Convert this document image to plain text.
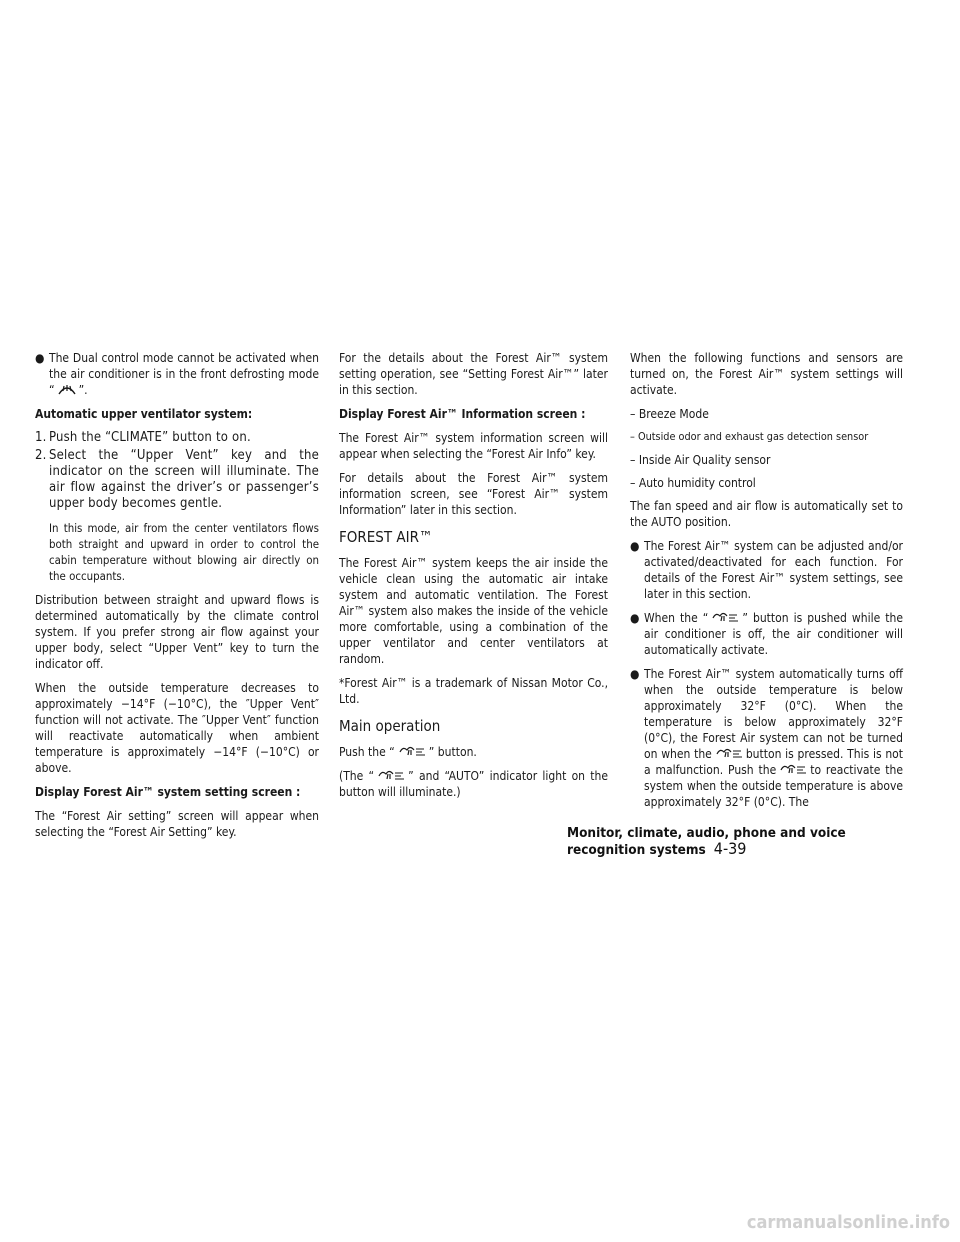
● The Dual control mode cannot be activated when the air conditioner is in the front defrosting mode “ ”.

Automatic upper ventilator system:

1. Push the “CLIMATE” button to on.
2. Select the “Upper Vent” key and the indicator on the screen will illuminate. The air flow against the driver’s or passenger’s upper body becomes gentle.

In this mode, air from the center ventilators flows both straight and upward in order to control the cabin temperature without blowing air directly on the occupants.

Distribution between straight and upward flows is determined automatically by the climate control system. If you prefer strong air flow against your upper body, select “Upper Vent” key to turn the indicator off.

When the outside temperature decreases to approximately −14°F (−10°C), the ″Upper Vent″ function will not activate. The ″Upper Vent″ function will reactivate automatically when ambient temperature is approximately −14°F (−10°C) or above.

Display Forest Air™ system setting screen :

The “Forest Air setting” screen will appear when selecting the “Forest Air Setting” key.

For the details about the Forest Air™ system setting operation, see “Setting Forest Air™” later in this section.

Display Forest Air™ Information screen :

The Forest Air™ system information screen will appear when selecting the “Forest Air Info” key.

For details about the Forest Air™ system information screen, see “Forest Air™ system Information” later in this section.

FOREST AIR™

The Forest Air™ system keeps the air inside the vehicle clean using the automatic air intake system and automatic ventilation. The Forest Air™ system also makes the inside of the vehicle more comfortable, using a combination of the upper ventilator and center ventilators at random.

*Forest Air™ is a trademark of Nissan Motor Co., Ltd.

Main operation

Push the “	” button.

(The “	” and “AUTO” indicator light on the button will illuminate.)

When the following functions and sensors are turned on, the Forest Air™ system settings will activate.

– Breeze Mode

– Outside odor and exhaust gas detection sensor

– Inside Air Quality sensor

– Auto humidity control

The fan speed and air flow is automatically set to the AUTO position.

● The Forest Air™ system can be adjusted and/or activated/deactivated for each function. For details of the Forest Air™ system settings, see later in this section.
● When the “	” button is pushed while the air conditioner is off, the air conditioner will automatically activate.
● The Forest Air™ system automatically turns off when the outside temperature is below approximately 32°F (0°C). When the temperature is below approximately 32°F (0°C), the Forest Air system can not be turned on when the	button is pressed. This is not a malfunction. Push the	to reactivate the system when the outside temperature is above approximately 32°F (0°C). The
Monitor, climate, audio, phone and voice recognition systems 4-39
carmanualsonline.info
